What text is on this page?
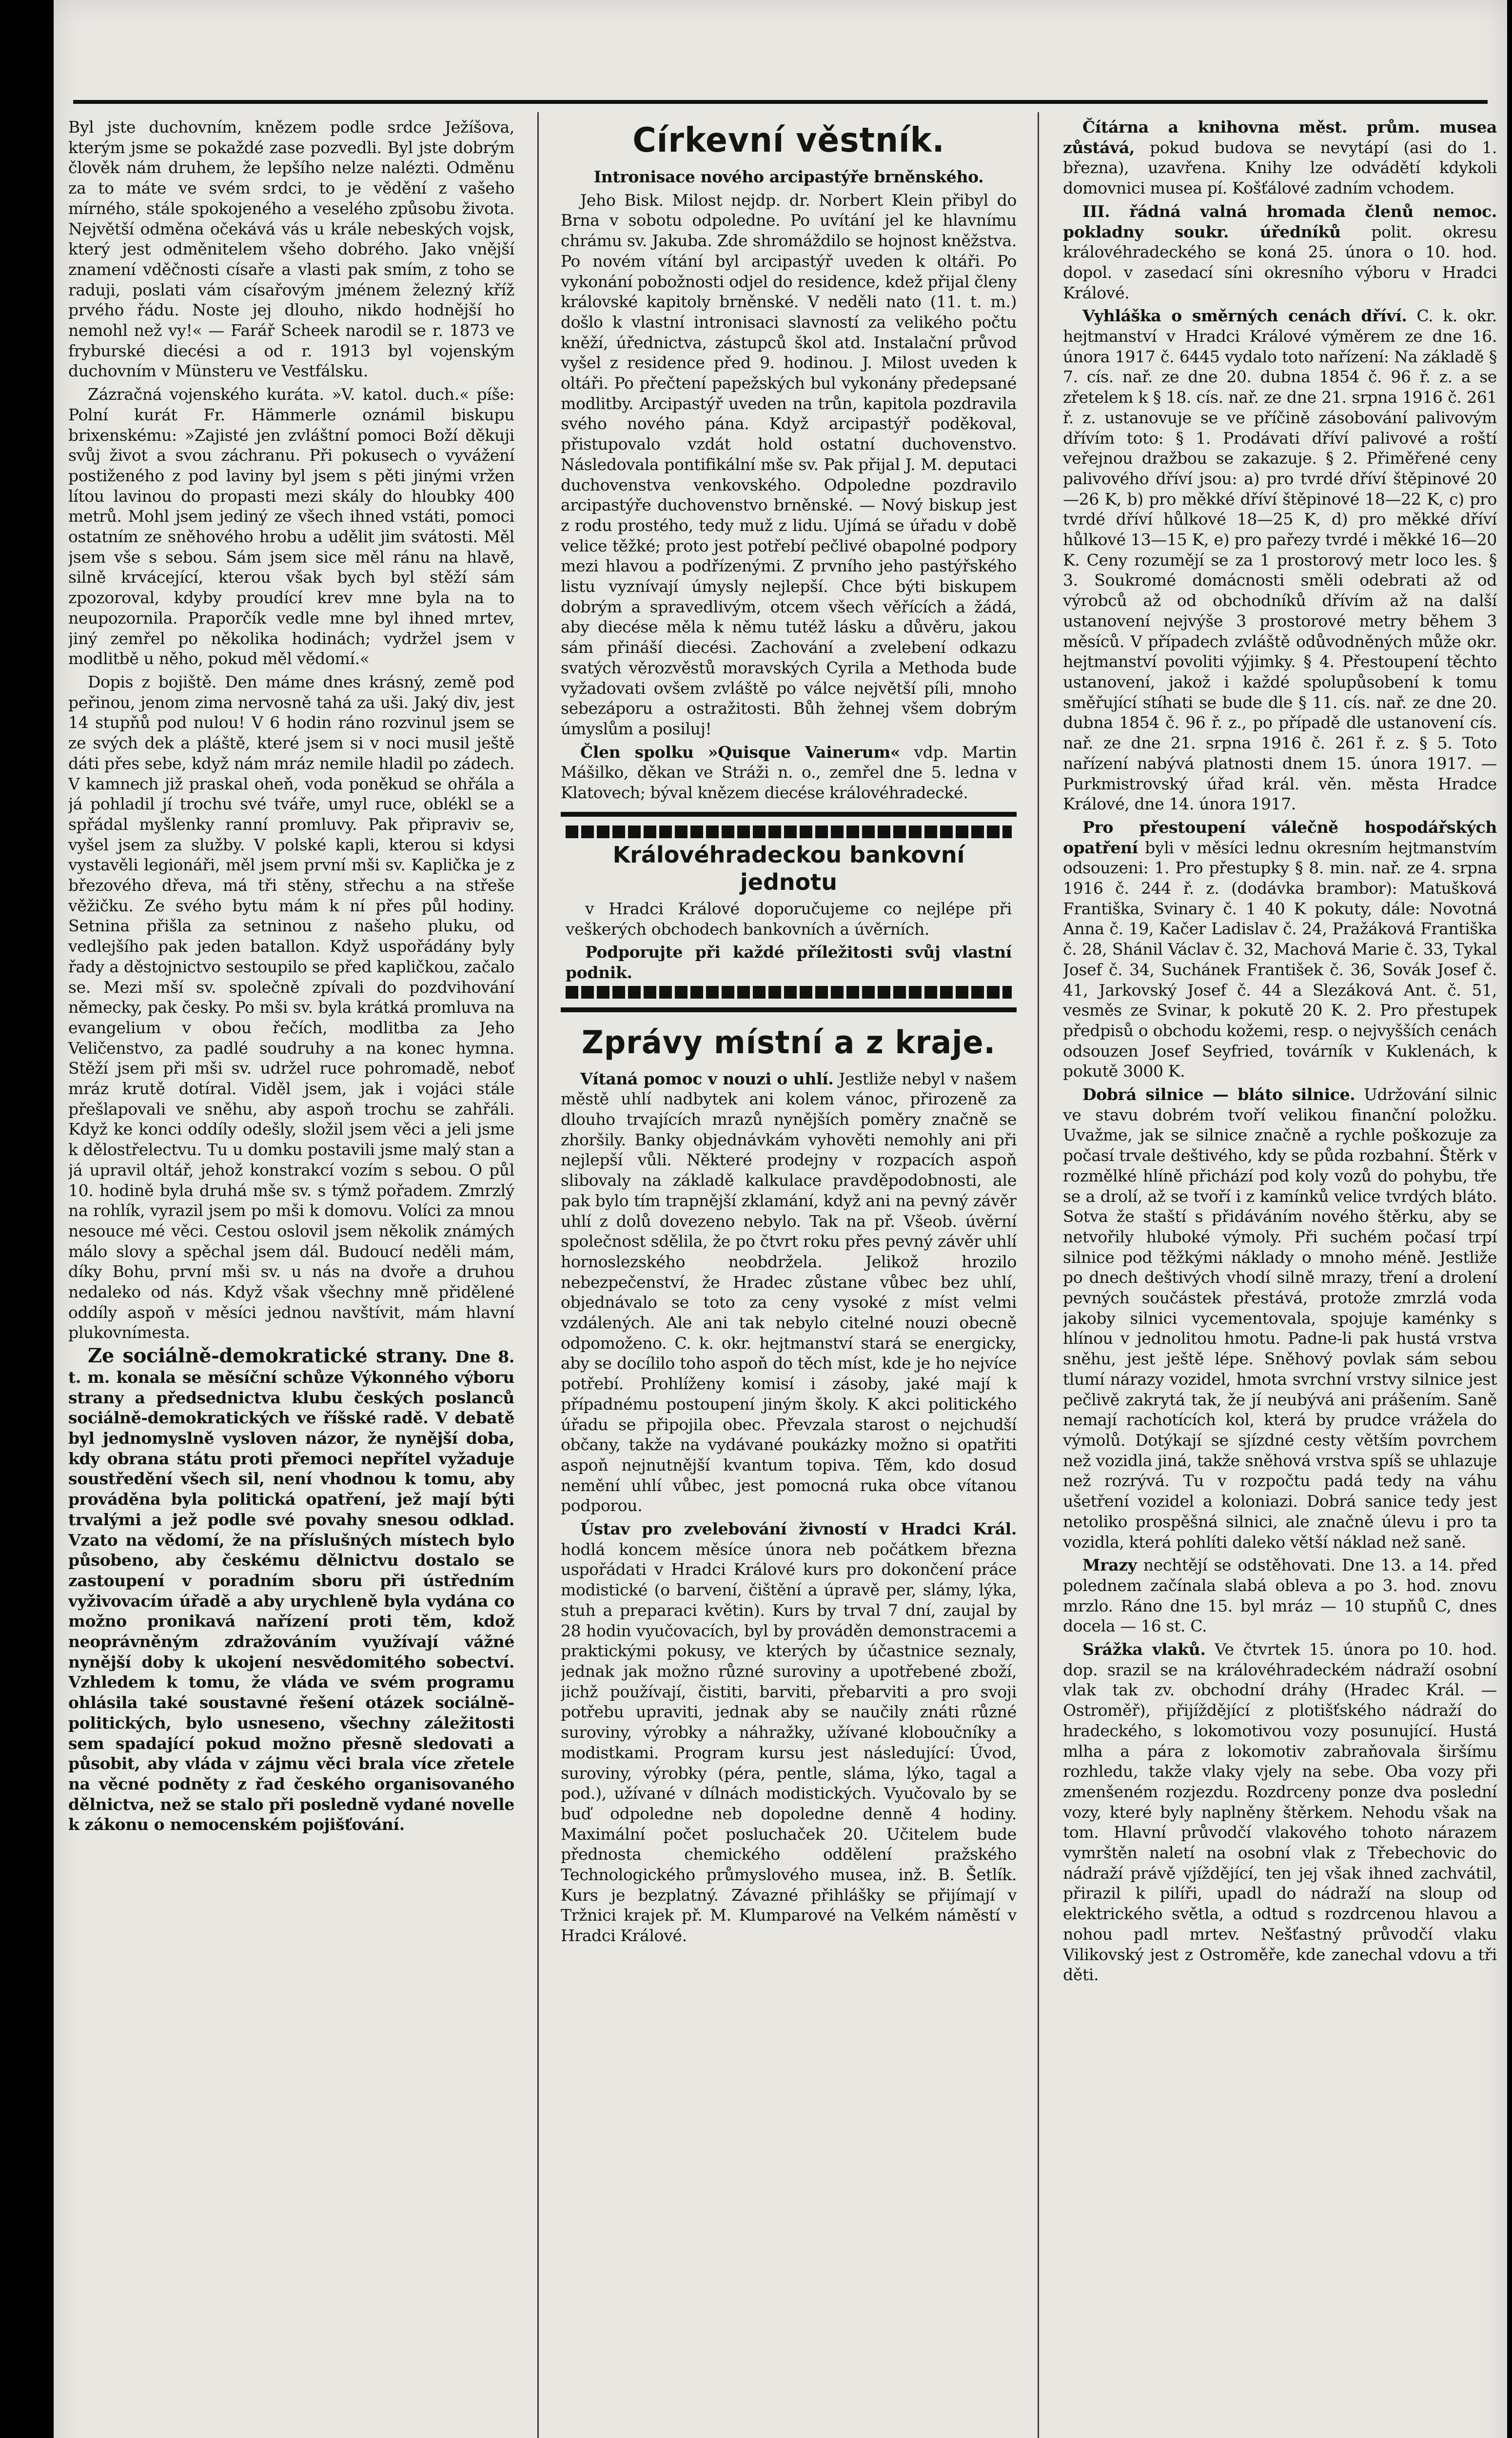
Byl jste duchovním, knězem podle srdce Ježíšova, kterým jsme se pokaždé zase pozvedli. Byl jste dobrým člověk nám druhem, že lepšího nelze nalézti. Odměnu za to máte ve svém srdci, to je vědění z vašeho mírného, stále spokojeného a veselého způsobu života. Největší odměna očekává vás u krále nebeských vojsk, který jest odměnitelem všeho dobrého. Jako vnější znamení vděčnosti císaře a vlasti pak smím, z toho se raduji, poslati vám císařovým jménem železný kříž prvého řádu. Noste jej dlouho, nikdo hodnější ho nemohl než vy!« — Farář Scheek narodil se r. 1873 ve fryburské diecési a od r. 1913 byl vojenským duchovním v Münsteru ve Vestfálsku.

Zázračná vojenského kuráta. »V. katol. duch.« píše: Polní kurát Fr. Hämmerle oznámil biskupu brixenskému: »Zajisté jen zvláštní pomoci Boží děkuji svůj život a svou záchranu. Při pokusech o vyvážení postiženého z pod laviny byl jsem s pěti jinými vržen lítou lavinou do propasti mezi skály do hloubky 400 metrů. Mohl jsem jediný ze všech ihned vstáti, pomoci ostatním ze sněhového hrobu a udělit jim svátosti. Měl jsem vše s sebou. Sám jsem sice měl ránu na hlavě, silně krvácející, kterou však bych byl stěží sám zpozoroval, kdyby proudící krev mne byla na to neupozornila. Praporčík vedle mne byl ihned mrtev, jiný zemřel po několika hodinách; vydržel jsem v modlitbě u něho, pokud měl vědomí.«

Dopis z bojiště. Den máme dnes krásný, země pod peřinou, jenom zima nervosně tahá za uši. Jaký div, jest 14 stupňů pod nulou! V 6 hodin ráno rozvinul jsem se ze svých dek a pláště, které jsem si v noci musil ještě dáti přes sebe, když nám mráz nemile hladil po zádech. V kamnech již praskal oheň, voda poněkud se ohřála a já pohladil jí trochu své tváře, umyl ruce, oblékl se a spřádal myšlenky ranní promluvy. Pak připraviv se, vyšel jsem za služby. V polské kapli, kterou si kdysi vystavěli legionáři, měl jsem první mši sv. Kaplička je z březového dřeva, má tři stěny, střechu a na střeše věžičku. Ze svého bytu mám k ní přes půl hodiny. Setnina přišla za setninou z našeho pluku, od vedlejšího pak jeden batallon. Když uspořádány byly řady a děstojnictvo sestoupilo se před kapličkou, začalo se. Mezi mší sv. společně zpívali do pozdvihování německy, pak česky. Po mši sv. byla krátká promluva na evangelium v obou řečích, modlitba za Jeho Veličenstvo, za padlé soudruhy a na konec hymna. Stěží jsem při mši sv. udržel ruce pohromadě, neboť mráz krutě dotíral. Viděl jsem, jak i vojáci stále přešlapovali ve sněhu, aby aspoň trochu se zahřáli. Když ke konci oddíly odešly, složil jsem věci a jeli jsme k dělostřelectvu. Tu u domku postavili jsme malý stan a já upravil oltář, jehož konstrakcí vozím s sebou. O půl 10. hodině byla druhá mše sv. s týmž pořadem. Zmrzlý na rohlík, vyrazil jsem po mši k domovu. Volíci za mnou nesouce mé věci. Cestou oslovil jsem několik známých málo slovy a spěchal jsem dál. Budoucí neděli mám, díky Bohu, první mši sv. u nás na dvoře a druhou nedaleko od nás. Když však všechny mně přidělené oddíly aspoň v měsíci jednou navštívit, mám hlavní plukovnímesta.

Ze sociálně-demokratické strany. Dne 8. t. m. konala se měsíční schůze Výkonného výboru strany a předsednictva klubu českých poslanců sociálně-demokratických ve říšské radě. V debatě byl jednomyslně vysloven názor, že nynější doba, kdy obrana státu proti přemoci nepřítel vyžaduje soustředění všech sil, není vhodnou k tomu, aby prováděna byla politická opatření, jež mají býti trvalými a jež podle své povahy snesou odklad. Vzato na vědomí, že na příslušných místech bylo působeno, aby českému dělnictvu dostalo se zastoupení v poradním sboru při ústředním vyživovacím úřadě a aby urychleně byla vydána co možno pronikavá nařízení proti těm, kdož neoprávněným zdražováním využívají vážné nynější doby k ukojení nesvědomitého sobectví. Vzhledem k tomu, že vláda ve svém programu ohlásila také soustavné řešení otázek sociálně-politických, bylo usneseno, všechny záležitosti sem spadající pokud možno přesně sledovati a působit, aby vláda v zájmu věci brala více zřetele na věcné podněty z řad českého organisovaného dělnictva, než se stalo při posledně vydané novelle k zákonu o nemocenském pojišťování.

Církevní věstník.

Intronisace nového arcipastýře brněnského.

Jeho Bisk. Milost nejdp. dr. Norbert Klein přibyl do Brna v sobotu odpoledne. Po uvítání jel ke hlavnímu chrámu sv. Jakuba. Zde shromáždilo se hojnost kněžstva. Po novém vítání byl arcipastýř uveden k oltáři. Po vykonání pobožnosti odjel do residence, kdež přijal členy královské kapitoly brněnské. V neděli nato (11. t. m.) došlo k vlastní intronisaci slavností za velikého počtu kněží, úřednictva, zástupců škol atd. Instalační průvod vyšel z residence před 9. hodinou. J. Milost uveden k oltáři. Po přečtení papežských bul vykonány předepsané modlitby. Arcipastýř uveden na trůn, kapitola pozdravila svého nového pána. Když arcipastýř poděkoval, přistupovalo vzdát hold ostatní duchovenstvo. Následovala pontifikální mše sv. Pak přijal J. M. deputaci duchovenstva venkovského. Odpoledne pozdravilo arcipastýře duchovenstvo brněnské. — Nový biskup jest z rodu prostého, tedy muž z lidu. Ujímá se úřadu v době velice těžké; proto jest potřebí pečlivé obapolné podpory mezi hlavou a podřízenými. Z prvního jeho pastýřského listu vyznívají úmysly nejlepší. Chce býti biskupem dobrým a spravedlivým, otcem všech věřících a žádá, aby diecése měla k němu tutéž lásku a důvěru, jakou sám přináší diecési. Zachování a zvelebení odkazu svatých věrozvěstů moravských Cyrila a Methoda bude vyžadovati ovšem zvláště po válce největší píli, mnoho sebezáporu a ostražitosti. Bůh žehnej všem dobrým úmyslům a posiluj!

Člen spolku »Quisque Vainerum« vdp. Martin Mášilko, děkan ve Stráži n. o., zemřel dne 5. ledna v Klatovech; býval knězem diecése královéhradecké.

Královéhradeckou bankovní jednotu

v Hradci Králové doporučujeme co nejlépe při veškerých obchodech bankovních a úvěrních.

Podporujte při každé příležitosti svůj vlastní podnik.

Zprávy místní a z kraje.

Vítaná pomoc v nouzi o uhlí. Jestliže nebyl v našem městě uhlí nadbytek ani kolem vánoc, přirozeně za dlouho trvajících mrazů nynějších poměry značně se zhoršily. Banky objednávkám vyhověti nemohly ani při nejlepší vůli. Některé prodejny v rozpacích aspoň slibovaly na základě kalkulace pravděpodobnosti, ale pak bylo tím trapnější zklamání, když ani na pevný závěr uhlí z dolů dovezeno nebylo. Tak na př. Všeob. úvěrní společnost sdělila, že po čtvrt roku přes pevný závěr uhlí hornoslezského neobdržela. Jelikož hrozilo nebezpečenství, že Hradec zůstane vůbec bez uhlí, objednávalo se toto za ceny vysoké z míst velmi vzdálených. Ale ani tak nebylo citelné nouzi obecně odpomoženo. C. k. okr. hejtmanství stará se energicky, aby se docílilo toho aspoň do těch míst, kde je ho nejvíce potřebí. Prohlíženy komisí i zásoby, jaké mají k případnému postoupení jiným školy. K akci politického úřadu se připojila obec. Převzala starost o nejchudší občany, takže na vydávané poukázky možno si opatřiti aspoň nejnutnější kvantum topiva. Těm, kdo dosud nemění uhlí vůbec, jest pomocná ruka obce vítanou podporou.

Ústav pro zvelebování živností v Hradci Král. hodlá koncem měsíce února neb počátkem března uspořádati v Hradci Králové kurs pro dokončení práce modistické (o barvení, čištění a úpravě per, slámy, lýka, stuh a preparaci květin). Kurs by trval 7 dní, zaujal by 28 hodin vyučovacích, byl by prováděn demonstracemi a praktickými pokusy, ve kterých by účastnice seznaly, jednak jak možno různé suroviny a upotřebené zboží, jichž používají, čistiti, barviti, přebarviti a pro svoji potřebu upraviti, jednak aby se naučily znáti různé suroviny, výrobky a náhražky, užívané kloboučníky a modistkami. Program kursu jest následující: Úvod, suroviny, výrobky (péra, pentle, sláma, lýko, tagal a pod.), užívané v dílnách modistických. Vyučovalo by se buď odpoledne neb dopoledne denně 4 hodiny. Maximální počet posluchaček 20. Učitelem bude přednosta chemického oddělení pražského Technologického průmyslového musea, inž. B. Šetlík. Kurs je bezplatný. Závazné přihlášky se přijímají v Tržnici krajek př. M. Klumparové na Velkém náměstí v Hradci Králové.

Čítárna a knihovna měst. prům. musea zůstává, pokud budova se nevytápí (asi do 1. března), uzavřena. Knihy lze odvádětí kdykoli domovnici musea pí. Košťálové zadním vchodem.

III. řádná valná hromada členů nemoc. pokladny soukr. úředníků polit. okresu královéhradeckého se koná 25. února o 10. hod. dopol. v zasedací síni okresního výboru v Hradci Králové.

Vyhláška o směrných cenách dříví. C. k. okr. hejtmanství v Hradci Králové výměrem ze dne 16. února 1917 č. 6445 vydalo toto nařízení: Na základě § 7. cís. nař. ze dne 20. dubna 1854 č. 96 ř. z. a se zřetelem k § 18. cís. nař. ze dne 21. srpna 1916 č. 261 ř. z. ustanovuje se ve příčině zásobování palivovým dřívím toto: § 1. Prodávati dříví palivové a roští veřejnou dražbou se zakazuje. § 2. Přiměřené ceny palivového dříví jsou: a) pro tvrdé dříví štěpinové 20—26 K, b) pro měkké dříví štěpinové 18—22 K, c) pro tvrdé dříví hůlkové 18—25 K, d) pro měkké dříví hůlkové 13—15 K, e) pro pařezy tvrdé i měkké 16—20 K. Ceny rozumějí se za 1 prostorový metr loco les. § 3. Soukromé domácnosti směli odebrati až od výrobců až od obchodníků dřívím až na další ustanovení nejvýše 3 prostorové metry během 3 měsíců. V případech zvláště odůvodněných může okr. hejtmanství povoliti výjimky. § 4. Přestoupení těchto ustanovení, jakož i každé spolupůsobení k tomu směřující stíhati se bude dle § 11. cís. nař. ze dne 20. dubna 1854 č. 96 ř. z., po případě dle ustanovení cís. nař. ze dne 21. srpna 1916 č. 261 ř. z. § 5. Toto nařízení nabývá platnosti dnem 15. února 1917. — Purkmistrovský úřad král. věn. města Hradce Králové, dne 14. února 1917.

Pro přestoupení válečně hospodářských opatření byli v měsíci lednu okresním hejtmanstvím odsouzeni: 1. Pro přestupky § 8. min. nař. ze 4. srpna 1916 č. 244 ř. z. (dodávka brambor): Matušková Františka, Svinary č. 1 40 K pokuty, dále: Novotná Anna č. 19, Kačer Ladislav č. 24, Pražáková Františka č. 28, Shánil Václav č. 32, Machová Marie č. 33, Tykal Josef č. 34, Suchánek František č. 36, Sovák Josef č. 41, Jarkovský Josef č. 44 a Slezáková Ant. č. 51, vesměs ze Svinar, k pokutě 20 K. 2. Pro přestupek předpisů o obchodu kožemi, resp. o nejvyšších cenách odsouzen Josef Seyfried, továrník v Kuklenách, k pokutě 3000 K.

Dobrá silnice — bláto silnice. Udržování silnic ve stavu dobrém tvoří velikou finanční položku. Uvažme, jak se silnice značně a rychle poškozuje za počasí trvale deštivého, kdy se půda rozbahní. Štěrk v rozmělké hlíně přichází pod koly vozů do pohybu, tře se a drolí, až se tvoří i z kamínků velice tvrdých bláto. Sotva že staští s přidáváním nového štěrku, aby se netvořily hluboké výmoly. Při suchém počasí trpí silnice pod těžkými náklady o mnoho méně. Jestliže po dnech deštivých vhodí silně mrazy, tření a drolení pevných součástek přestává, protože zmrzlá voda jakoby silnici vycementovala, spojuje kaménky s hlínou v jednolitou hmotu. Padne-li pak hustá vrstva sněhu, jest ještě lépe. Sněhový povlak sám sebou tlumí nárazy vozidel, hmota svrchní vrstvy silnice jest pečlivě zakrytá tak, že jí neubývá ani prášením. Saně nemají rachotících kol, která by prudce vrážela do výmolů. Dotýkají se sjízdné cesty větším povrchem než vozidla jiná, takže sněhová vrstva spíš se uhlazuje než rozrývá. Tu v rozpočtu padá tedy na váhu ušetření vozidel a koloniazi. Dobrá sanice tedy jest netoliko prospěšná silnici, ale značně úlevu i pro ta vozidla, která pohlíti daleko větší náklad než saně.

Mrazy nechtějí se odstěhovati. Dne 13. a 14. před polednem začínala slabá obleva a po 3. hod. znovu mrzlo. Ráno dne 15. byl mráz — 10 stupňů C, dnes docela — 16 st. C.

Srážka vlaků. Ve čtvrtek 15. února po 10. hod. dop. srazil se na královéhradeckém nádraží osobní vlak tak zv. obchodní dráhy (Hradec Král. —Ostroměř), přijíždějící z plotišťského nádraží do hradeckého, s lokomotivou vozy posunující. Hustá mlha a pára z lokomotiv zabraňovala širšímu rozhledu, takže vlaky vjely na sebe. Oba vozy při zmenšeném rozjezdu. Rozdrceny ponze dva poslední vozy, které byly naplněny štěrkem. Nehodu však na tom. Hlavní průvodčí vlakového tohoto nárazem vymrštěn naletí na osobní vlak z Třebechovic do nádraží právě vjíždějící, ten jej však ihned zachvátil, přirazil k pilíři, upadl do nádraží na sloup od elektrického světla, a odtud s rozdrcenou hlavou a nohou padl mrtev. Nešťastný průvodčí vlaku Vilikovský jest z Ostroměře, kde zanechal vdovu a tři děti.
